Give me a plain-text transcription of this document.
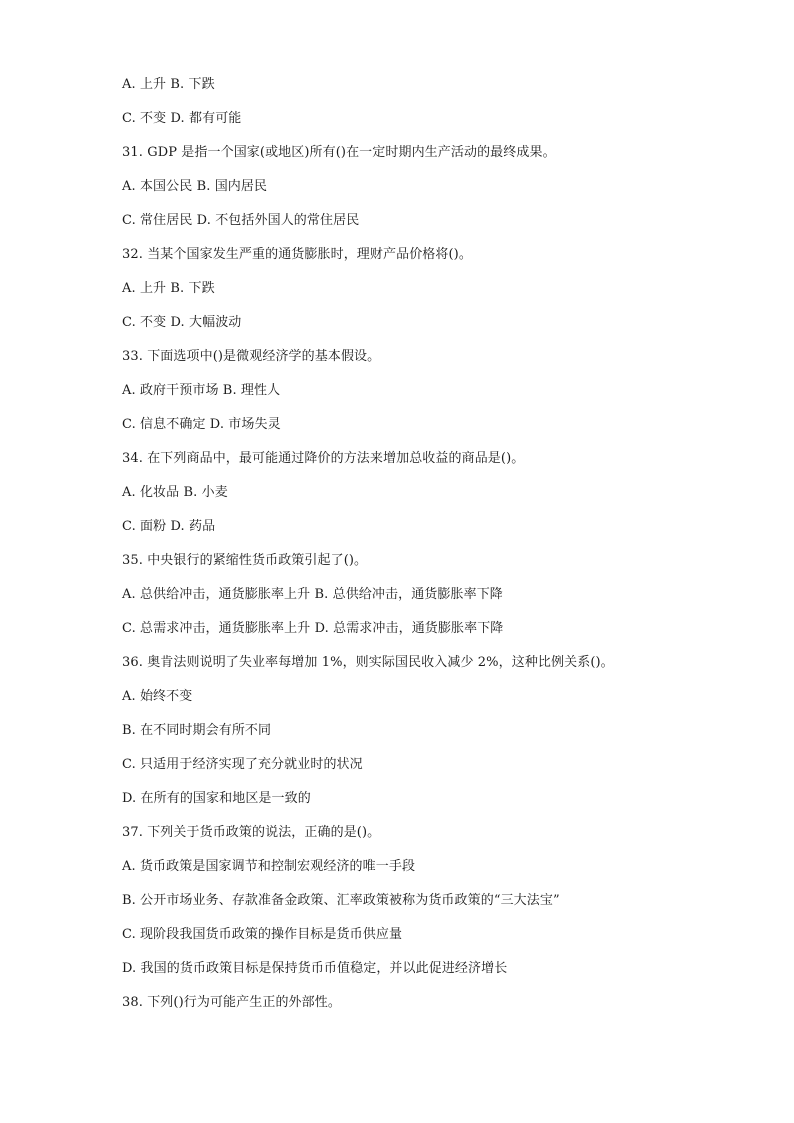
A. 上升 B. 下跌
C. 不变 D. 都有可能
31. GDP 是指一个国家(或地区)所有()在一定时期内生产活动的最终成果。
A. 本国公民 B. 国内居民
C. 常住居民 D. 不包括外国人的常住居民
32. 当某个国家发生严重的通货膨胀时，理财产品价格将()。
A. 上升 B. 下跌
C. 不变 D. 大幅波动
33. 下面选项中()是微观经济学的基本假设。
A. 政府干预市场 B. 理性人
C. 信息不确定 D. 市场失灵
34. 在下列商品中，最可能通过降价的方法来增加总收益的商品是()。
A. 化妆品 B. 小麦
C. 面粉 D. 药品
35. 中央银行的紧缩性货币政策引起了()。
A. 总供给冲击，通货膨胀率上升 B. 总供给冲击，通货膨胀率下降
C. 总需求冲击，通货膨胀率上升 D. 总需求冲击，通货膨胀率下降
36. 奥肯法则说明了失业率每增加 1%，则实际国民收入减少 2%，这种比例关系()。
A. 始终不变
B. 在不同时期会有所不同
C. 只适用于经济实现了充分就业时的状况
D. 在所有的国家和地区是一致的
37. 下列关于货币政策的说法，正确的是()。
A. 货币政策是国家调节和控制宏观经济的唯一手段
B. 公开市场业务、存款准备金政策、汇率政策被称为货币政策的“三大法宝”
C. 现阶段我国货币政策的操作目标是货币供应量
D. 我国的货币政策目标是保持货币币值稳定，并以此促进经济增长
38. 下列()行为可能产生正的外部性。
